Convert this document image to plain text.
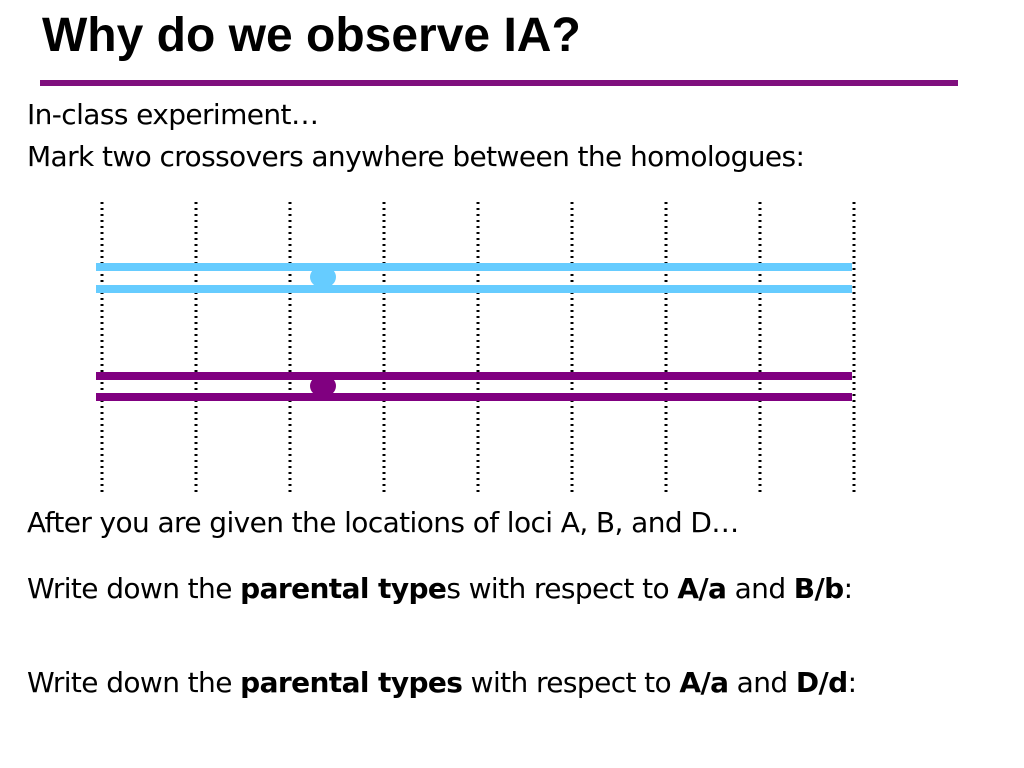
Why do we observe IA?
In-class experiment…
Mark two crossovers anywhere between the homologues:
After you are given the locations of loci A, B, and D…
Write down the parental types with respect to A/a and B/b:
Write down the parental types with respect to A/a and D/d:
